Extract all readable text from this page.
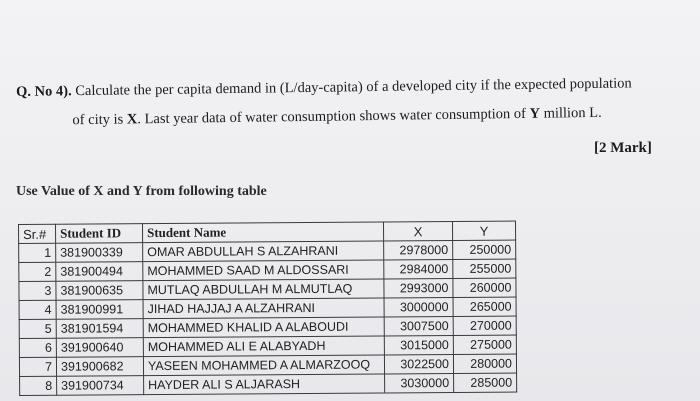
Q. No 4). Calculate the per capita demand in (L/day-capita) of a developed city if the expected population
of city is X. Last year data of water consumption shows water consumption of Y million L.
[2 Mark]
Use Value of X and Y from following table
Sr.#	Student ID	Student Name	X	Y
1	381900339	OMAR ABDULLAH S ALZAHRANI	2978000	250000
2	381900494	MOHAMMED SAAD M ALDOSSARI	2984000	255000
3	381900635	MUTLAQ ABDULLAH M ALMUTLAQ	2993000	260000
4	381900991	JIHAD HAJJAJ A ALZAHRANI	3000000	265000
5	381901594	MOHAMMED KHALID A ALABOUDI	3007500	270000
6	391900640	MOHAMMED ALI E ALABYADH	3015000	275000
7	391900682	YASEEN MOHAMMED A ALMARZOOQ	3022500	280000
8	391900734	HAYDER ALI S ALJARASH	3030000	285000
